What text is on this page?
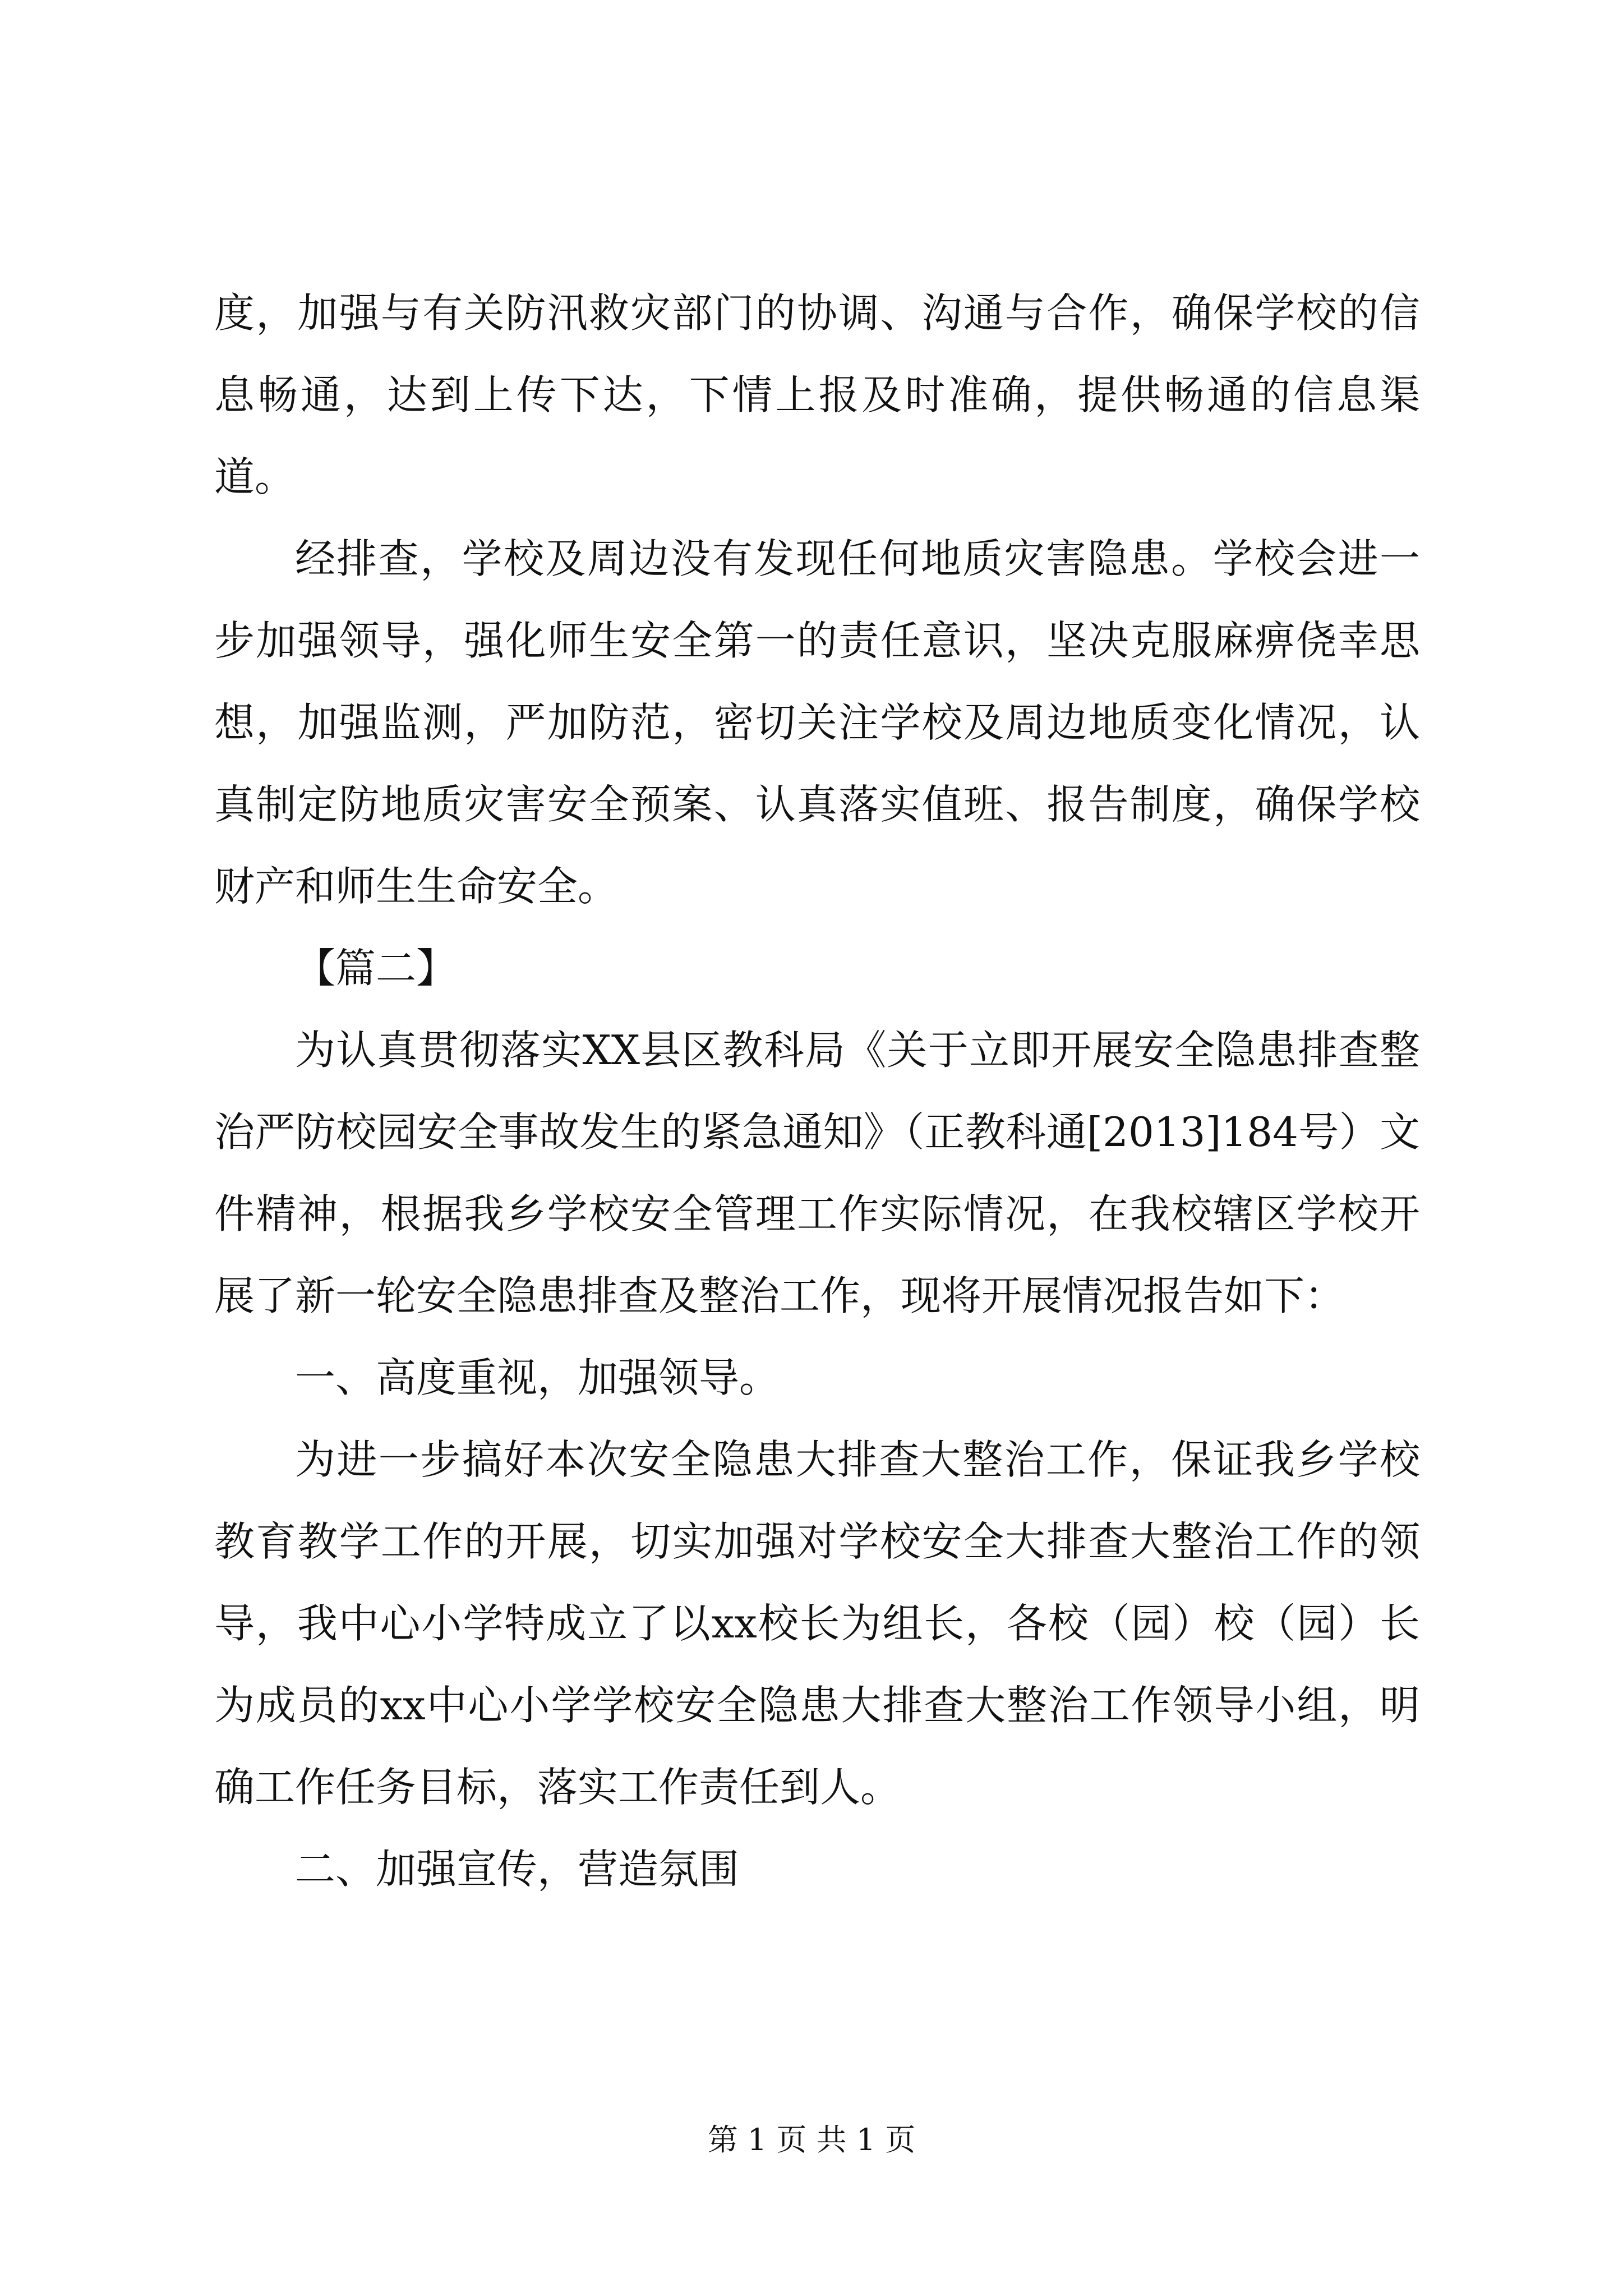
度，加强与有关防汛救灾部门的协调、沟通与合作，确保学校的信息畅通，达到上传下达，下情上报及时准确，提供畅通的信息渠道。

经排查，学校及周边没有发现任何地质灾害隐患。学校会进一步加强领导，强化师生安全第一的责任意识，坚决克服麻痹侥幸思想，加强监测，严加防范，密切关注学校及周边地质变化情况，认真制定防地质灾害安全预案、认真落实值班、报告制度，确保学校财产和师生生命安全。

【篇二】

为认真贯彻落实XX县区教科局《关于立即开展安全隐患排查整治严防校园安全事故发生的紧急通知》（正教科通[2013]184号）文件精神，根据我乡学校安全管理工作实际情况，在我校辖区学校开展了新一轮安全隐患排查及整治工作，现将开展情况报告如下：

一、高度重视，加强领导。

为进一步搞好本次安全隐患大排查大整治工作，保证我乡学校教育教学工作的开展，切实加强对学校安全大排查大整治工作的领导，我中心小学特成立了以xx校长为组长，各校（园）校（园）长为成员的xx中心小学学校安全隐患大排查大整治工作领导小组，明确工作任务目标，落实工作责任到人。

二、加强宣传，营造氛围

第 1 页 共 1 页
